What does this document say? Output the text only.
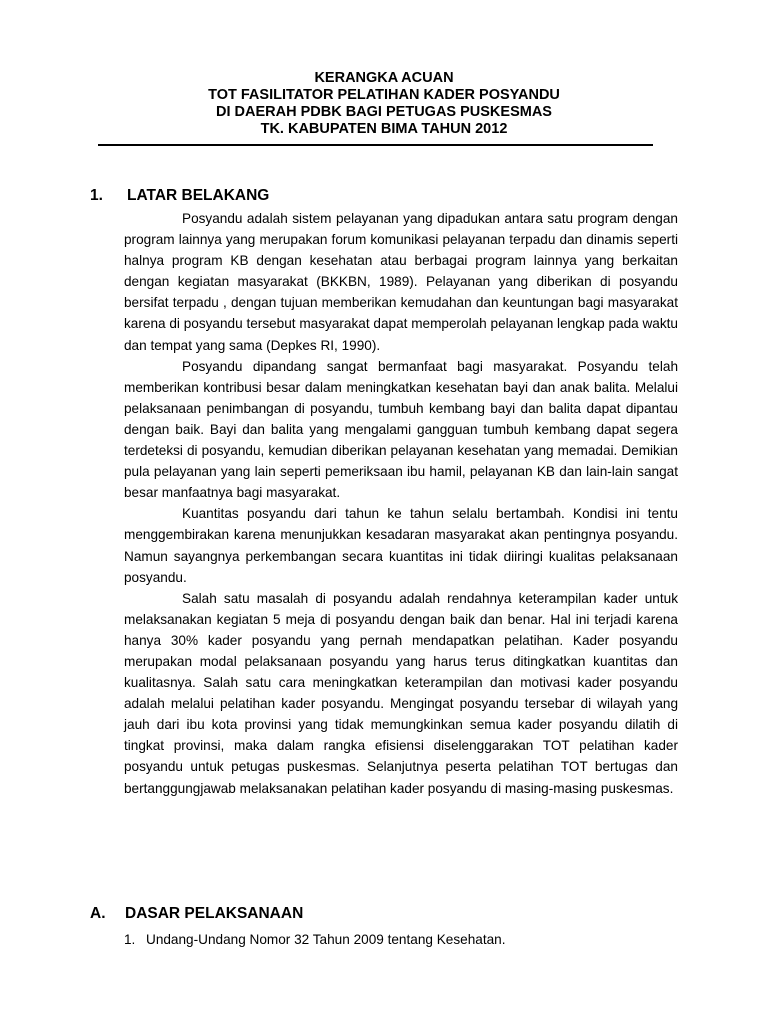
KERANGKA ACUAN
TOT FASILITATOR PELATIHAN KADER POSYANDU
DI DAERAH PDBK BAGI PETUGAS PUSKESMAS
TK. KABUPATEN BIMA TAHUN 2012
1. LATAR BELAKANG

Posyandu adalah sistem pelayanan yang dipadukan antara satu program dengan program lainnya yang merupakan forum komunikasi pelayanan terpadu dan dinamis seperti halnya program KB dengan kesehatan atau berbagai program lainnya yang berkaitan dengan kegiatan masyarakat (BKKBN, 1989). Pelayanan yang diberikan di posyandu bersifat terpadu , dengan tujuan memberikan kemudahan dan keuntungan bagi masyarakat karena di posyandu tersebut masyarakat dapat memperolah pelayanan lengkap pada waktu dan tempat yang sama (Depkes RI, 1990).

Posyandu dipandang sangat bermanfaat bagi masyarakat. Posyandu telah memberikan kontribusi besar dalam meningkatkan kesehatan bayi dan anak balita. Melalui pelaksanaan penimbangan di posyandu, tumbuh kembang bayi dan balita dapat dipantau dengan baik. Bayi dan balita yang mengalami gangguan tumbuh kembang dapat segera terdeteksi di posyandu, kemudian diberikan pelayanan kesehatan yang memadai. Demikian pula pelayanan yang lain seperti pemeriksaan ibu hamil, pelayanan KB dan lain-lain sangat besar manfaatnya bagi masyarakat.

Kuantitas posyandu dari tahun ke tahun selalu bertambah. Kondisi ini tentu menggembirakan karena menunjukkan kesadaran masyarakat akan pentingnya posyandu. Namun sayangnya perkembangan secara kuantitas ini tidak diiringi kualitas pelaksanaan posyandu.

Salah satu masalah di posyandu adalah rendahnya keterampilan kader untuk melaksanakan kegiatan 5 meja di posyandu dengan baik dan benar. Hal ini terjadi karena hanya 30% kader posyandu yang pernah mendapatkan pelatihan. Kader posyandu merupakan modal pelaksanaan posyandu yang harus terus ditingkatkan kuantitas dan kualitasnya. Salah satu cara meningkatkan keterampilan dan motivasi kader posyandu adalah melalui pelatihan kader posyandu. Mengingat posyandu tersebar di wilayah yang jauh dari ibu kota provinsi yang tidak memungkinkan semua kader posyandu dilatih di tingkat provinsi, maka dalam rangka efisiensi diselenggarakan TOT pelatihan kader posyandu untuk petugas puskesmas. Selanjutnya peserta pelatihan TOT bertugas dan bertanggungjawab melaksanakan pelatihan kader posyandu di masing-masing puskesmas.

A. DASAR PELAKSANAAN
1. Undang-Undang Nomor 32 Tahun 2009 tentang Kesehatan.
